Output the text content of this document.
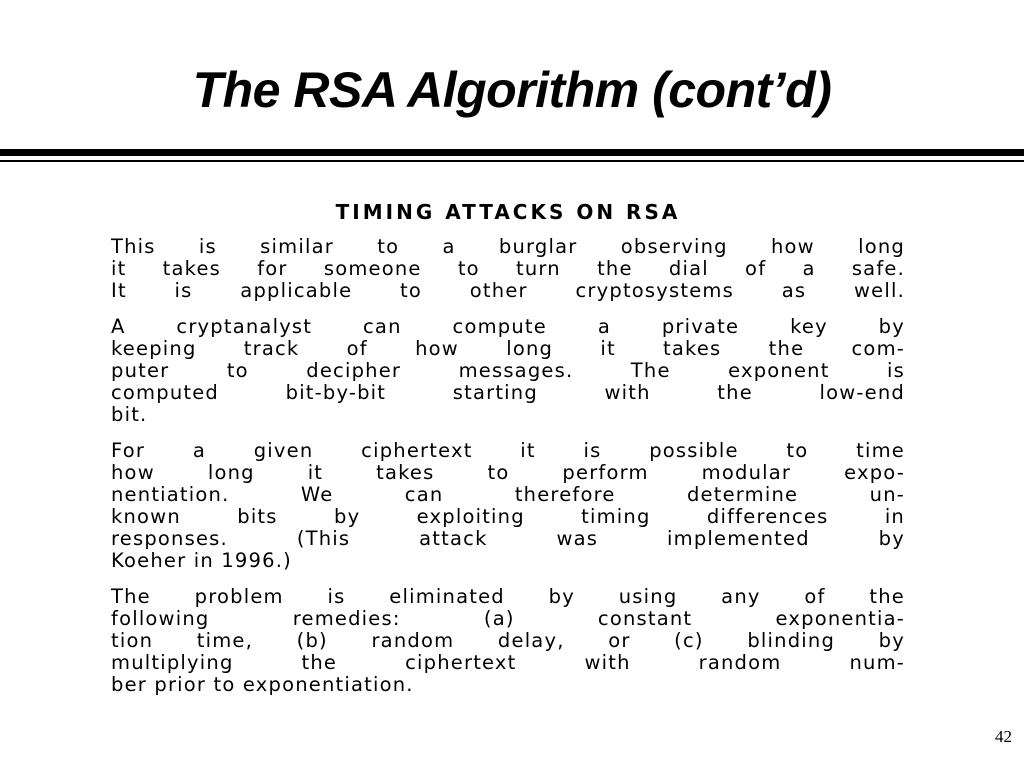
The RSA Algorithm (cont’d)
TIMING ATTACKS ON RSA
This is similar to a burglar observing how long
it takes for someone to turn the dial of a safe.
It is applicable to other cryptosystems as well.
A cryptanalyst can compute a private key by
keeping track of how long it takes the com-
puter to decipher messages. The exponent is
computed bit-by-bit starting with the low-end
bit.
For a given ciphertext it is possible to time
how long it takes to perform modular expo-
nentiation. We can therefore determine un-
known bits by exploiting timing differences in
responses. (This attack was implemented by
Koeher in 1996.)
The problem is eliminated by using any of the
following remedies: (a) constant exponentia-
tion time, (b) random delay, or (c) blinding by
multiplying the ciphertext with random num-
ber prior to exponentiation.
42
